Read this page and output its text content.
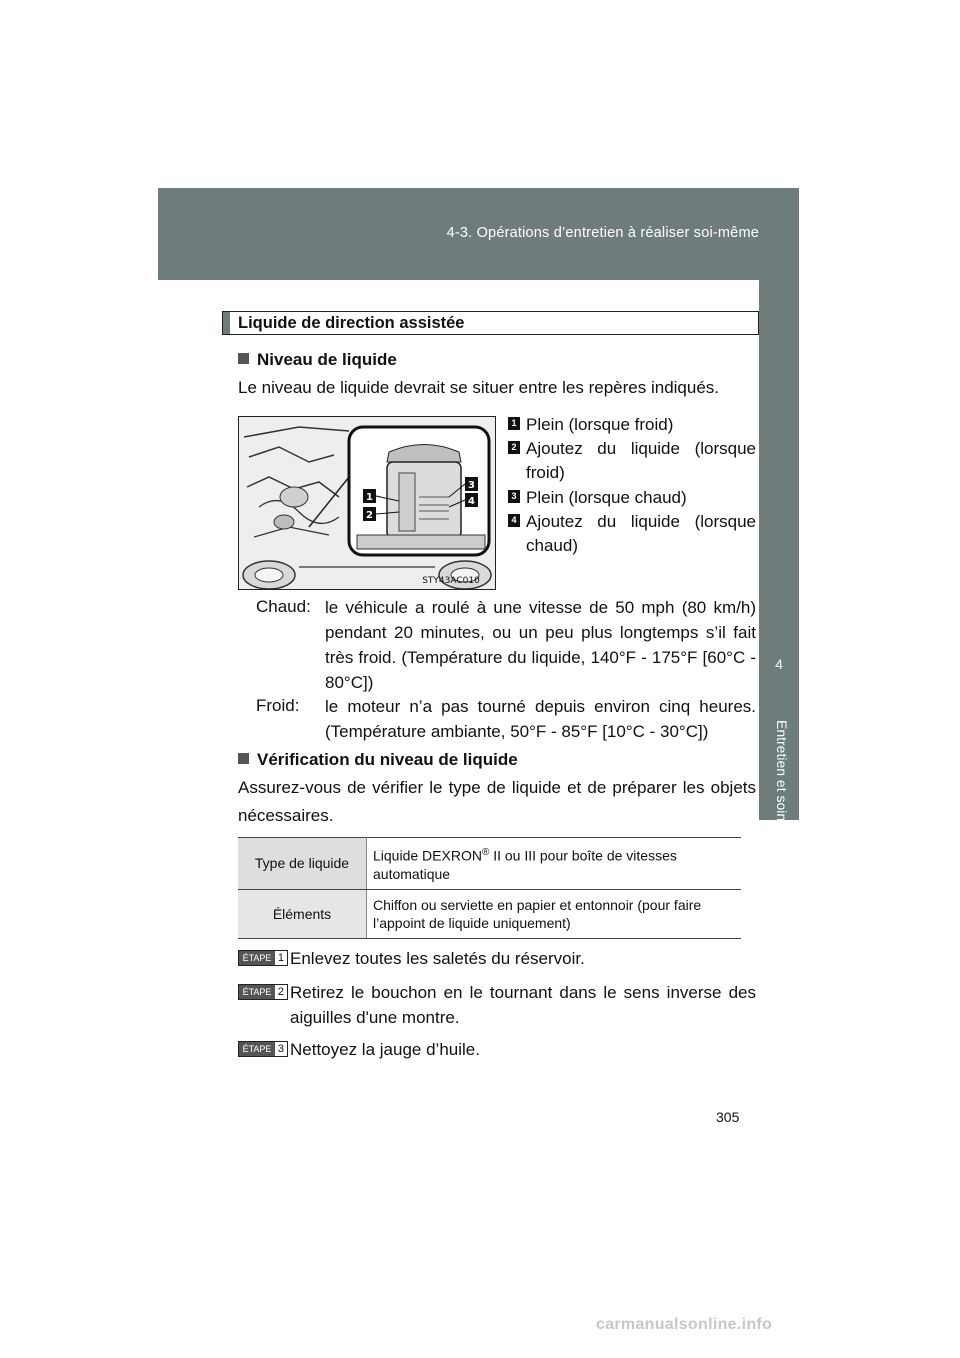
4-3. Opérations d’entretien à réaliser soi-même
4
Entretien et soins
Liquide de direction assistée
Niveau de liquide
Le niveau de liquide devrait se situer entre les repères indiqués.
1
2
3
4
STY43AC010
1 Plein (lorsque froid)
2 Ajoutez du liquide (lorsque
froid)
3 Plein (lorsque chaud)
4 Ajoutez du liquide (lorsque
chaud)
Chaud: le véhicule a roulé à une vitesse de 50 mph (80 km/h) pendant 20 minutes, ou un peu plus longtemps s’il fait très froid. (Température du liquide, 140°F - 175°F [60°C - 80°C])
Froid: le moteur n’a pas tourné depuis environ cinq heures. (Température ambiante, 50°F - 85°F [10°C - 30°C])
Vérification du niveau de liquide
Assurez-vous de vérifier le type de liquide et de préparer les objets nécessaires.
Type de liquide	Liquide DEXRON® II ou III pour boîte de vitesses automatique
Éléments	Chiffon ou serviette en papier et entonnoir (pour faire l’appoint de liquide uniquement)
ÉTAPE 1 Enlevez toutes les saletés du réservoir.
ÉTAPE 2 Retirez le bouchon en le tournant dans le sens inverse des aiguilles d'une montre.
ÉTAPE 3 Nettoyez la jauge d’huile.
305
carmanualsonline.info
